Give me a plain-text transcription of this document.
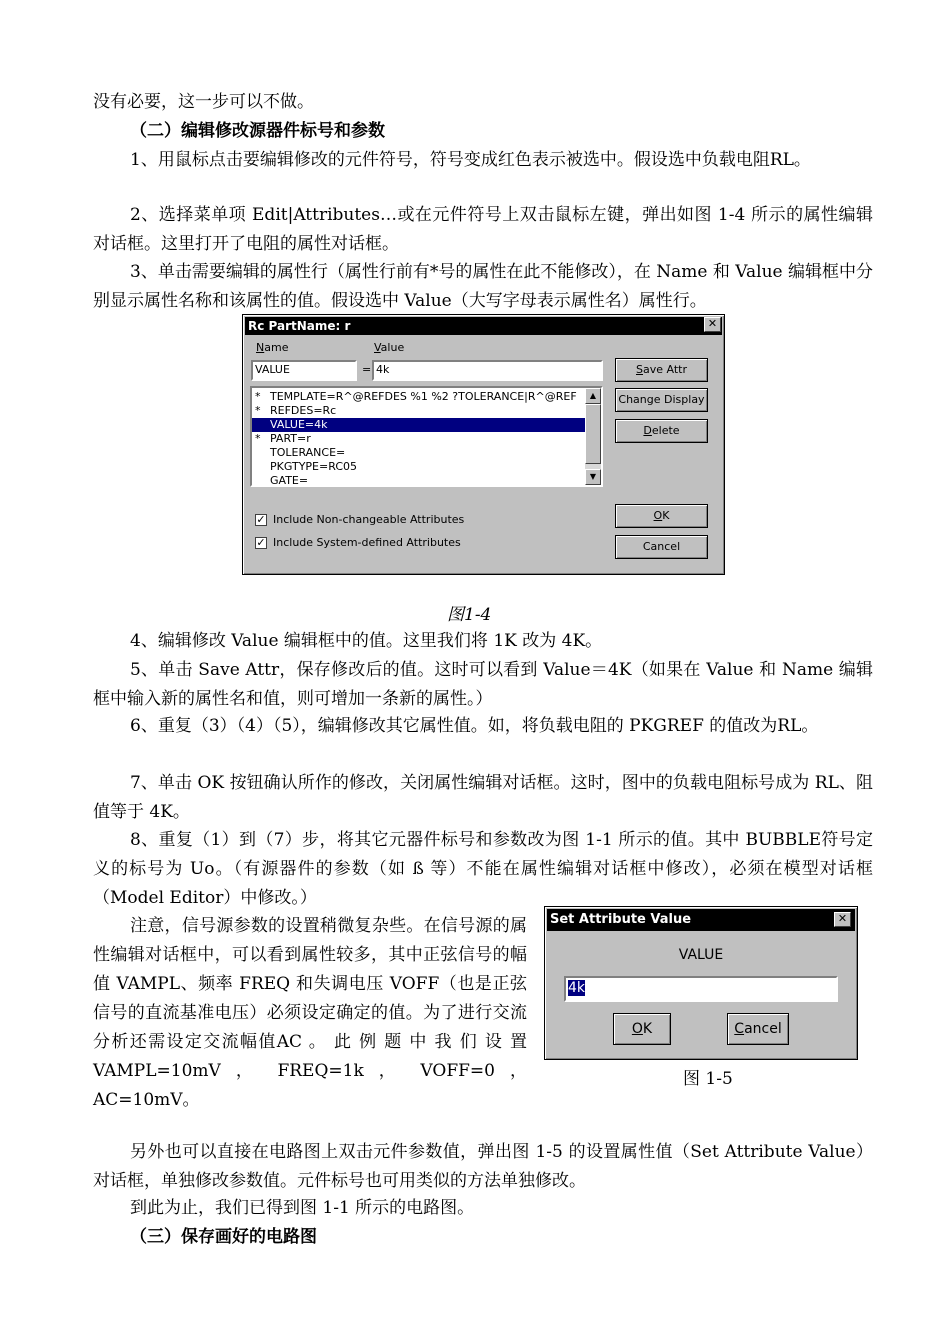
没有必要，这一步可以不做。
（二）编辑修改源器件标号和参数
1、用鼠标点击要编辑修改的元件符号，符号变成红色表示被选中。假设选中负载电阻RL。
2、选择菜单项 Edit|Attributes…或在元件符号上双击鼠标左键，弹出如图 1-4 所示的属性编辑对话框。这里打开了电阻的属性对话框。
3、单击需要编辑的属性行（属性行前有*号的属性在此不能修改），在 Name 和 Value 编辑框中分别显示属性名称和该属性的值。假设选中 Value（大写字母表示属性名）属性行。
Rc PartName: r	✕
Name	Value
VALUE	= 4k
* TEMPLATE=R^@REFDES %1 %2 ?TOLERANCE|R^@REF
* REFDES=Rc
VALUE=4k
* PART=r
TOLERANCE=
PKGTYPE=RC05
GATE=
▲
▼
Save Attr
Change Display
Delete
OK
Cancel
✓ Include Non-changeable Attributes
✓ Include System-defined Attributes
图1-4
4、编辑修改 Value 编辑框中的值。这里我们将 1K 改为 4K。
5、单击 Save Attr，保存修改后的值。这时可以看到 Value＝4K（如果在 Value 和 Name 编辑框中输入新的属性名和值，则可增加一条新的属性。）
6、重复（3）（4）（5），编辑修改其它属性值。如，将负载电阻的 PKGREF 的值改为RL。
7、单击 OK 按钮确认所作的修改，关闭属性编辑对话框。这时，图中的负载电阻标号成为 RL、阻值等于 4K。
8、重复（1）到（7）步，将其它元器件标号和参数改为图 1-1 所示的值。其中 BUBBLE符号定义的标号为 Uo。（有源器件的参数（如 ß 等）不能在属性编辑对话框中修改），必须在模型对话框（Model Editor）中修改。）
注意，信号源参数的设置稍微复杂些。在信号源的属性编辑对话框中，可以看到属性较多，其中正弦信号的幅值 VAMPL、频率 FREQ 和失调电压 VOFF（也是正弦信号的直流基准电压）必须设定确定的值。为了进行交流分析还需设定交流幅值AC 。 此 例 题 中 我 们 设 置 VAMPL=10mV ， FREQ=1k ， VOFF=0 ， AC=10mV。
Set Attribute Value	✕
VALUE
4k
OK	Cancel
图 1-5
另外也可以直接在电路图上双击元件参数值，弹出图 1-5 的设置属性值（Set Attribute Value）对话框，单独修改参数值。元件标号也可用类似的方法单独修改。
到此为止，我们已得到图 1-1 所示的电路图。
（三）保存画好的电路图
